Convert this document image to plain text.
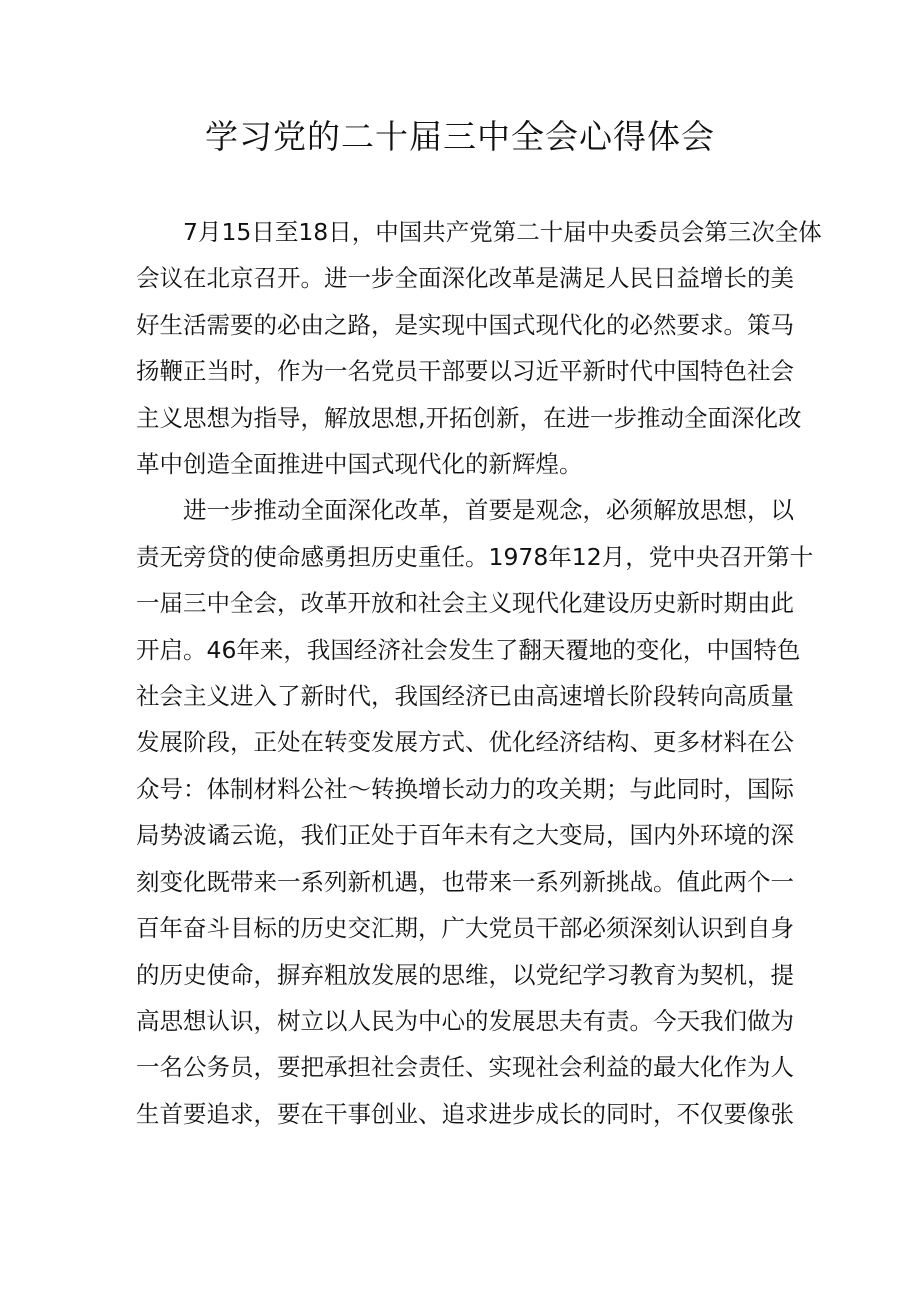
学习党的二十届三中全会心得体会

7月15日至18日，中国共产党第二十届中央委员会第三次全体
会议在北京召开。进一步全面深化改革是满足人民日益增长的美
好生活需要的必由之路，是实现中国式现代化的必然要求。策马
扬鞭正当时，作为一名党员干部要以习近平新时代中国特色社会
主义思想为指导，解放思想,开拓创新，在进一步推动全面深化改
革中创造全面推进中国式现代化的新辉煌。

进一步推动全面深化改革，首要是观念，必须解放思想，以
责无旁贷的使命感勇担历史重任。1978年12月，党中央召开第十
一届三中全会，改革开放和社会主义现代化建设历史新时期由此
开启。46年来，我国经济社会发生了翻天覆地的变化，中国特色
社会主义进入了新时代，我国经济已由高速增长阶段转向高质量
发展阶段，正处在转变发展方式、优化经济结构、更多材料在公
众号：体制材料公社～转换增长动力的攻关期；与此同时，国际
局势波谲云诡，我们正处于百年未有之大变局，国内外环境的深
刻变化既带来一系列新机遇，也带来一系列新挑战。值此两个一
百年奋斗目标的历史交汇期，广大党员干部必须深刻认识到自身
的历史使命，摒弃粗放发展的思维，以党纪学习教育为契机，提
高思想认识，树立以人民为中心的发展思夫有责。今天我们做为
一名公务员，要把承担社会责任、实现社会利益的最大化作为人
生首要追求，要在干事创业、追求进步成长的同时，不仅要像张
